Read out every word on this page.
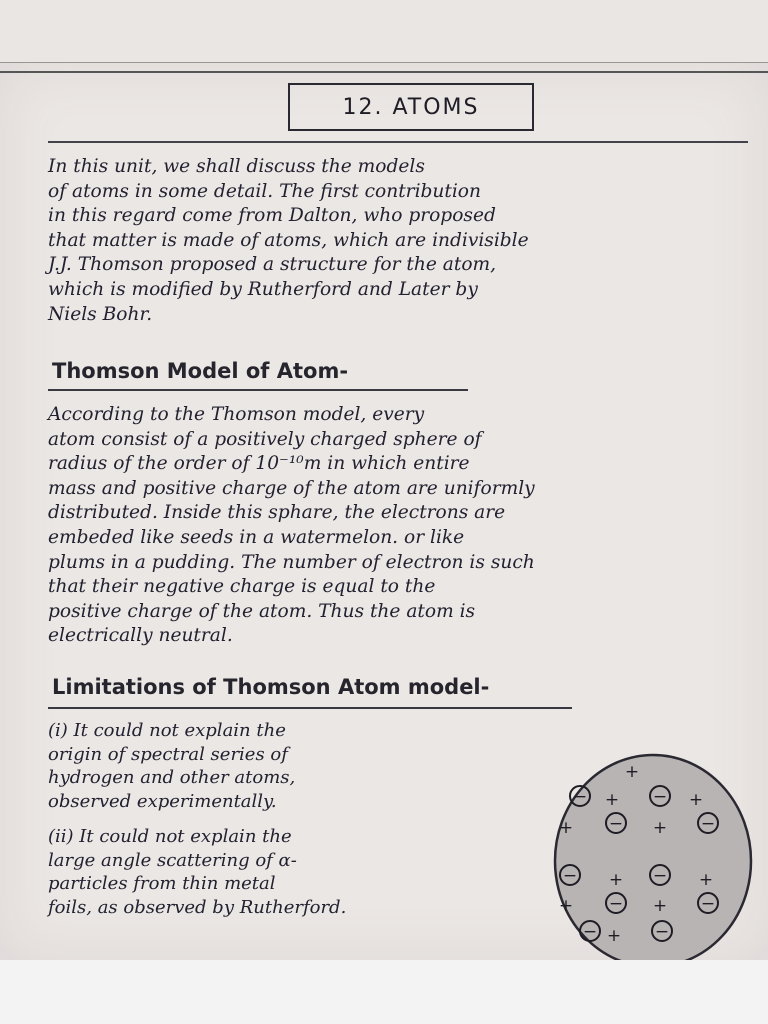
12. ATOMS
In this unit, we shall discuss the models
of atoms in some detail. The first contribution
in this regard come from Dalton, who proposed
that matter is made of atoms, which are indivisible
J.J. Thomson proposed a structure for the atom,
which is modified by Rutherford and Later by
Niels Bohr.
Thomson Model of Atom-
According to the Thomson model, every
atom consist of a positively charged sphere of
radius of the order of 10⁻¹⁰m in which entire
mass and positive charge of the atom are uniformly
distributed. Inside this sphare, the electrons are
embeded like seeds in a watermelon. or like
plums in a pudding. The number of electron is such
that their negative charge is equal to the
positive charge of the atom. Thus the atom is
electrically neutral.
Limitations of Thomson Atom model-
(i) It could not explain the
origin of spectral series of
hydrogen and other atoms,
observed experimentally.
(ii) It could not explain the
large angle scattering of α-
particles from thin metal
foils, as observed by Rutherford.
+
− + − +
+ − + −
− + − +
+ − + −
− + −
